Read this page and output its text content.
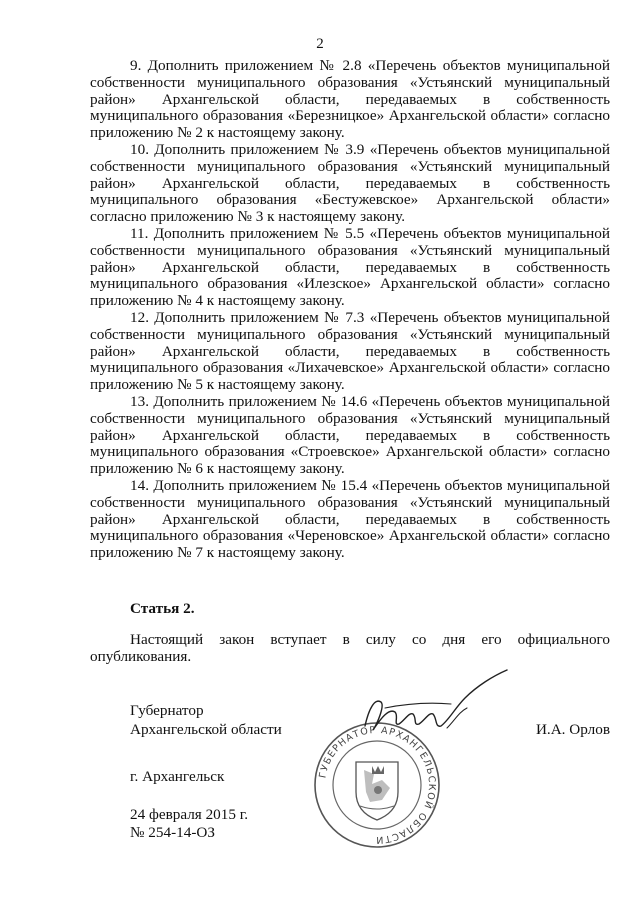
2

9. Дополнить приложением № 2.8 «Перечень объектов муниципальной собственности муниципального образования «Устьянский муниципальный район» Архангельской области, передаваемых в собственность муниципального образования «Березницкое» Архангельской области» согласно приложению № 2 к настоящему закону.

10. Дополнить приложением № 3.9 «Перечень объектов муниципальной собственности муниципального образования «Устьянский муниципальный район» Архангельской области, передаваемых в собственность муниципального образования «Бестужевское» Архангельской области» согласно приложению № 3 к настоящему закону.

11. Дополнить приложением № 5.5 «Перечень объектов муниципальной собственности муниципального образования «Устьянский муниципальный район» Архангельской области, передаваемых в собственность муниципального образования «Илезское» Архангельской области» согласно приложению № 4 к настоящему закону.

12. Дополнить приложением № 7.3 «Перечень объектов муниципальной собственности муниципального образования «Устьянский муниципальный район» Архангельской области, передаваемых в собственность муниципального образования «Лихачевское» Архангельской области» согласно приложению № 5 к настоящему закону.

13. Дополнить приложением № 14.6 «Перечень объектов муниципальной собственности муниципального образования «Устьянский муниципальный район» Архангельской области, передаваемых в собственность муниципального образования «Строевское» Архангельской области» согласно приложению № 6 к настоящему закону.

14. Дополнить приложением № 15.4 «Перечень объектов муниципальной собственности муниципального образования «Устьянский муниципальный район» Архангельской области, передаваемых в собственность муниципального образования «Череновское» Архангельской области» согласно приложению № 7 к настоящему закону.

Статья 2.

Настоящий закон вступает в силу со дня его официального опубликования.

Губернатор
Архангельской области	И.А. Орлов
ГУБЕРНАТОР АРХАНГЕЛЬСКОЙ ОБЛАСТИ
г. Архангельск
24 февраля 2015 г.
№ 254-14-ОЗ
